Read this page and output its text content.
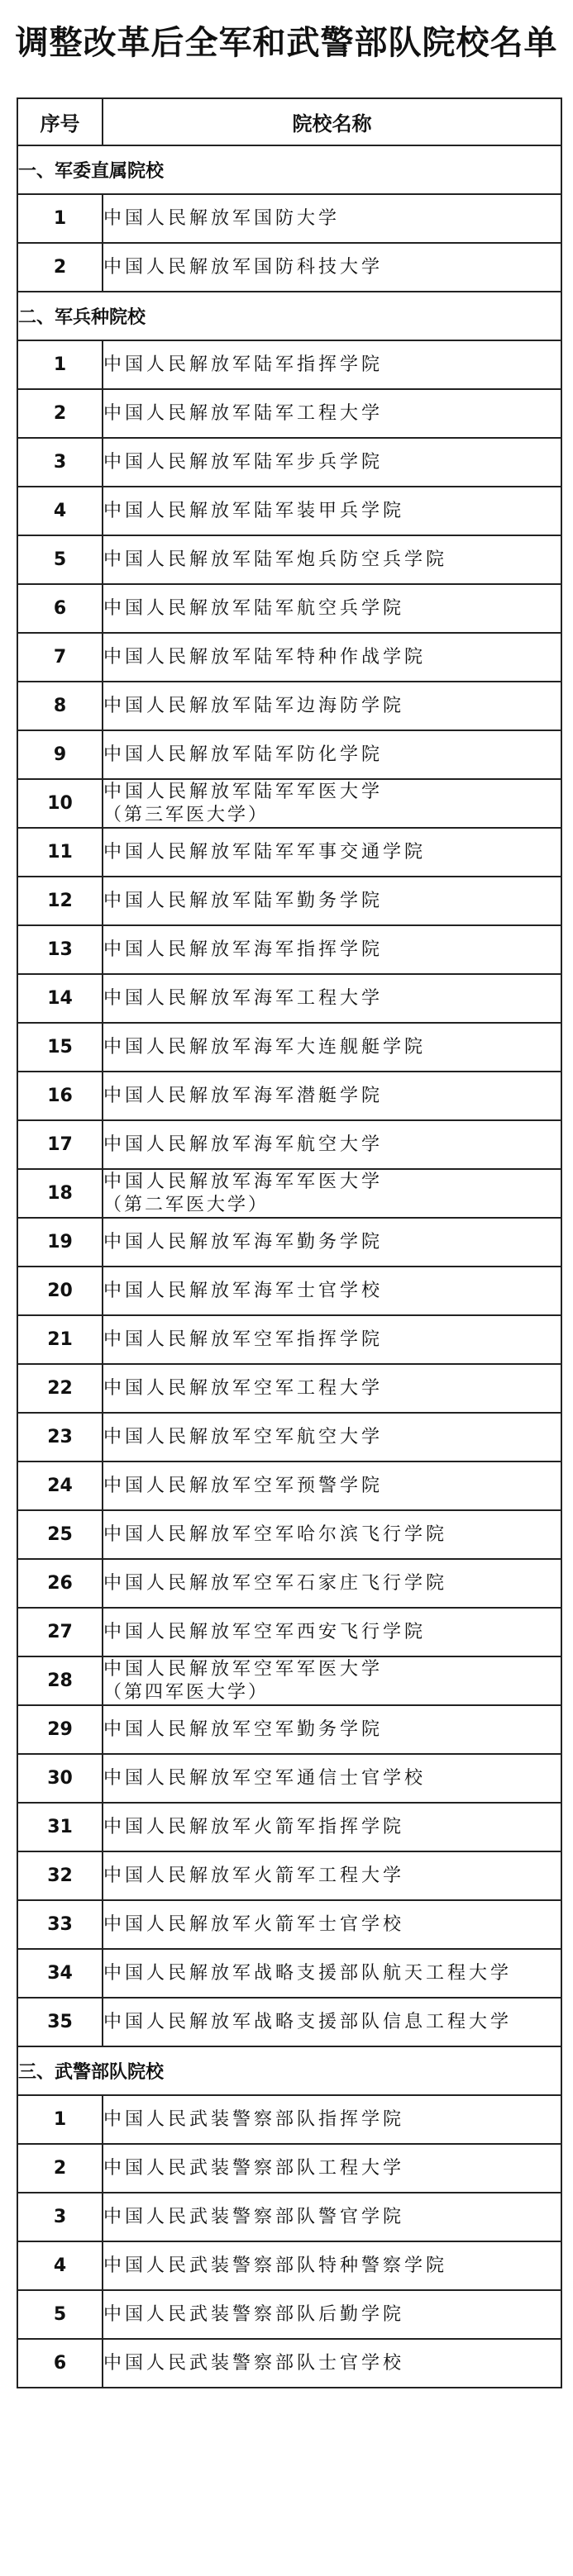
调整改革后全军和武警部队院校名单
序号	院校名称
一、军委直属院校	
1	中国人民解放军国防大学
2	中国人民解放军国防科技大学
二、军兵种院校	
1	中国人民解放军陆军指挥学院
2	中国人民解放军陆军工程大学
3	中国人民解放军陆军步兵学院
4	中国人民解放军陆军装甲兵学院
5	中国人民解放军陆军炮兵防空兵学院
6	中国人民解放军陆军航空兵学院
7	中国人民解放军陆军特种作战学院
8	中国人民解放军陆军边海防学院
9	中国人民解放军陆军防化学院
10	中国人民解放军陆军军医大学
（第三军医大学）

11	中国人民解放军陆军军事交通学院
12	中国人民解放军陆军勤务学院
13	中国人民解放军海军指挥学院
14	中国人民解放军海军工程大学
15	中国人民解放军海军大连舰艇学院
16	中国人民解放军海军潜艇学院
17	中国人民解放军海军航空大学
18	中国人民解放军海军军医大学
（第二军医大学）

19	中国人民解放军海军勤务学院
20	中国人民解放军海军士官学校
21	中国人民解放军空军指挥学院
22	中国人民解放军空军工程大学
23	中国人民解放军空军航空大学
24	中国人民解放军空军预警学院
25	中国人民解放军空军哈尔滨飞行学院
26	中国人民解放军空军石家庄飞行学院
27	中国人民解放军空军西安飞行学院
28	中国人民解放军空军军医大学
（第四军医大学）

29	中国人民解放军空军勤务学院
30	中国人民解放军空军通信士官学校
31	中国人民解放军火箭军指挥学院
32	中国人民解放军火箭军工程大学
33	中国人民解放军火箭军士官学校
34	中国人民解放军战略支援部队航天工程大学
35	中国人民解放军战略支援部队信息工程大学
三、武警部队院校	
1	中国人民武装警察部队指挥学院
2	中国人民武装警察部队工程大学
3	中国人民武装警察部队警官学院
4	中国人民武装警察部队特种警察学院
5	中国人民武装警察部队后勤学院
6	中国人民武装警察部队士官学校
